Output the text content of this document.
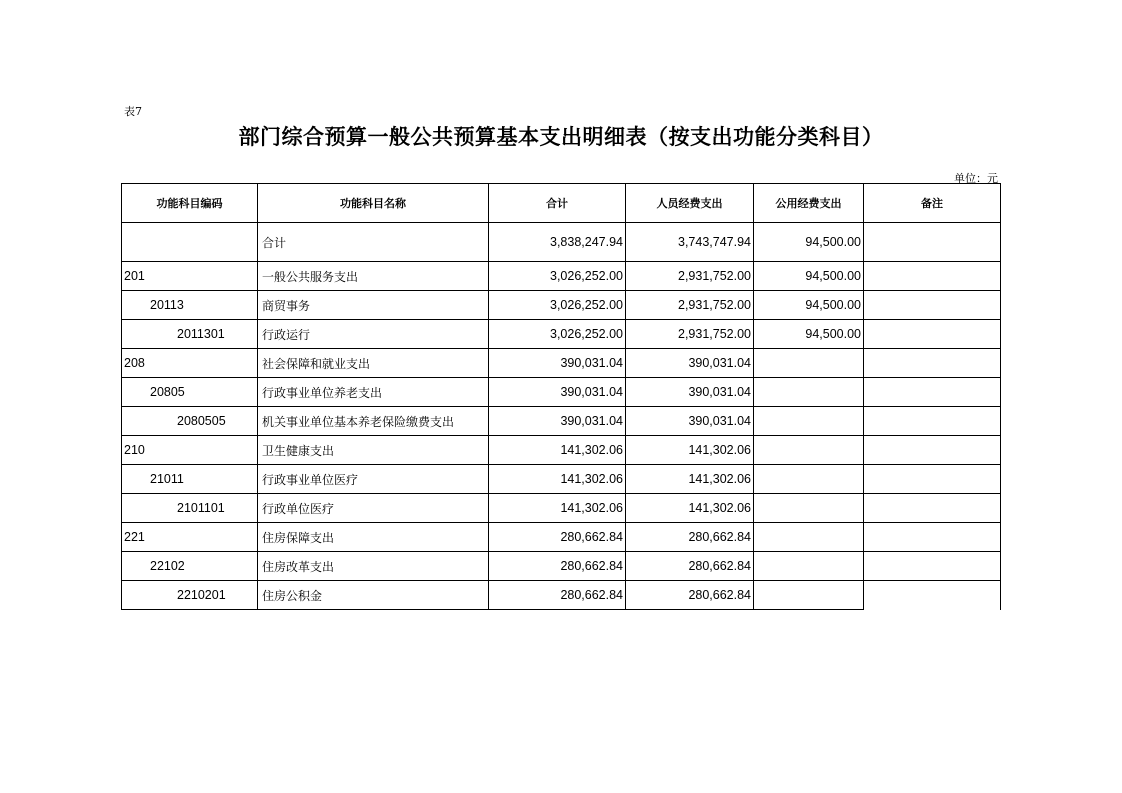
表7
部门综合预算一般公共预算基本支出明细表（按支出功能分类科目）
单位：元
功能科目编码	功能科目名称	合计	人员经费支出	公用经费支出	备注
	合计	3,838,247.94	3,743,747.94	94,500.00	
201	一般公共服务支出	3,026,252.00	2,931,752.00	94,500.00	
20113	商贸事务	3,026,252.00	2,931,752.00	94,500.00	
2011301	行政运行	3,026,252.00	2,931,752.00	94,500.00	
208	社会保障和就业支出	390,031.04	390,031.04		
20805	行政事业单位养老支出	390,031.04	390,031.04		
2080505	机关事业单位基本养老保险缴费支出	390,031.04	390,031.04		
210	卫生健康支出	141,302.06	141,302.06		
21011	行政事业单位医疗	141,302.06	141,302.06		
2101101	行政单位医疗	141,302.06	141,302.06		
221	住房保障支出	280,662.84	280,662.84		
22102	住房改革支出	280,662.84	280,662.84		
2210201	住房公积金	280,662.84	280,662.84		
